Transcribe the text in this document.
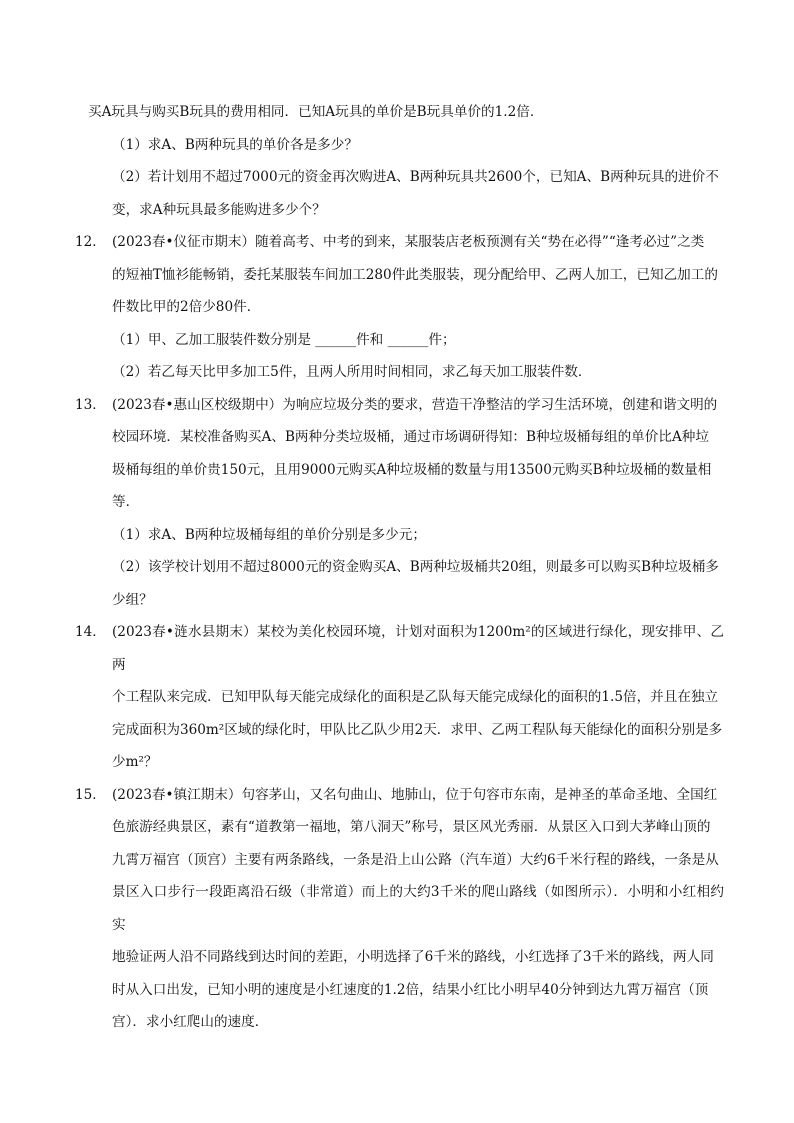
买A玩具与购买B玩具的费用相同．已知A玩具的单价是B玩具单价的1.2倍．

（1）求A、B两种玩具的单价各是多少？

（2）若计划用不超过7000元的资金再次购进A、B两种玩具共2600个，已知A、B两种玩具的进价不

变，求A种玩具最多能购进多少个？

12． (2023春•仪征市期末）随着高考、中考的到来，某服装店老板预测有关“势在必得”“逢考必过”之类

的短袖T恤衫能畅销，委托某服装车间加工280件此类服装，现分配给甲、乙两人加工，已知乙加工的

件数比甲的2倍少80件．

（1）甲、乙加工服装件数分别是 ______件和 ______件；

（2）若乙每天比甲多加工5件，且两人所用时间相同，求乙每天加工服装件数．

13． (2023春•惠山区校级期中）为响应垃圾分类的要求，营造干净整洁的学习生活环境，创建和谐文明的

校园环境．某校准备购买A、B两种分类垃圾桶，通过市场调研得知：B种垃圾桶每组的单价比A种垃

圾桶每组的单价贵150元，且用9000元购买A种垃圾桶的数量与用13500元购买B种垃圾桶的数量相

等．

（1）求A、B两种垃圾桶每组的单价分别是多少元；

（2）该学校计划用不超过8000元的资金购买A、B两种垃圾桶共20组，则最多可以购买B种垃圾桶多

少组？

14． (2023春•涟水县期末）某校为美化校园环境，计划对面积为1200m²的区域进行绿化，现安排甲、乙两

个工程队来完成．已知甲队每天能完成绿化的面积是乙队每天能完成绿化的面积的1.5倍，并且在独立

完成面积为360m²区域的绿化时，甲队比乙队少用2天．求甲、乙两工程队每天能绿化的面积分别是多

少m²？

15． (2023春•镇江期末）句容茅山，又名句曲山、地肺山，位于句容市东南，是神圣的革命圣地、全国红

色旅游经典景区，素有“道教第一福地，第八洞天”称号，景区风光秀丽．从景区入口到大茅峰山顶的

九霄万福宫（顶宫）主要有两条路线，一条是沿上山公路（汽车道）大约6千米行程的路线，一条是从

景区入口步行一段距离沿石级（非常道）而上的大约3千米的爬山路线（如图所示）．小明和小红相约实

地验证两人沿不同路线到达时间的差距，小明选择了6千米的路线，小红选择了3千米的路线，两人同

时从入口出发，已知小明的速度是小红速度的1.2倍，结果小红比小明早40分钟到达九霄万福宫（顶

宫）．求小红爬山的速度．
